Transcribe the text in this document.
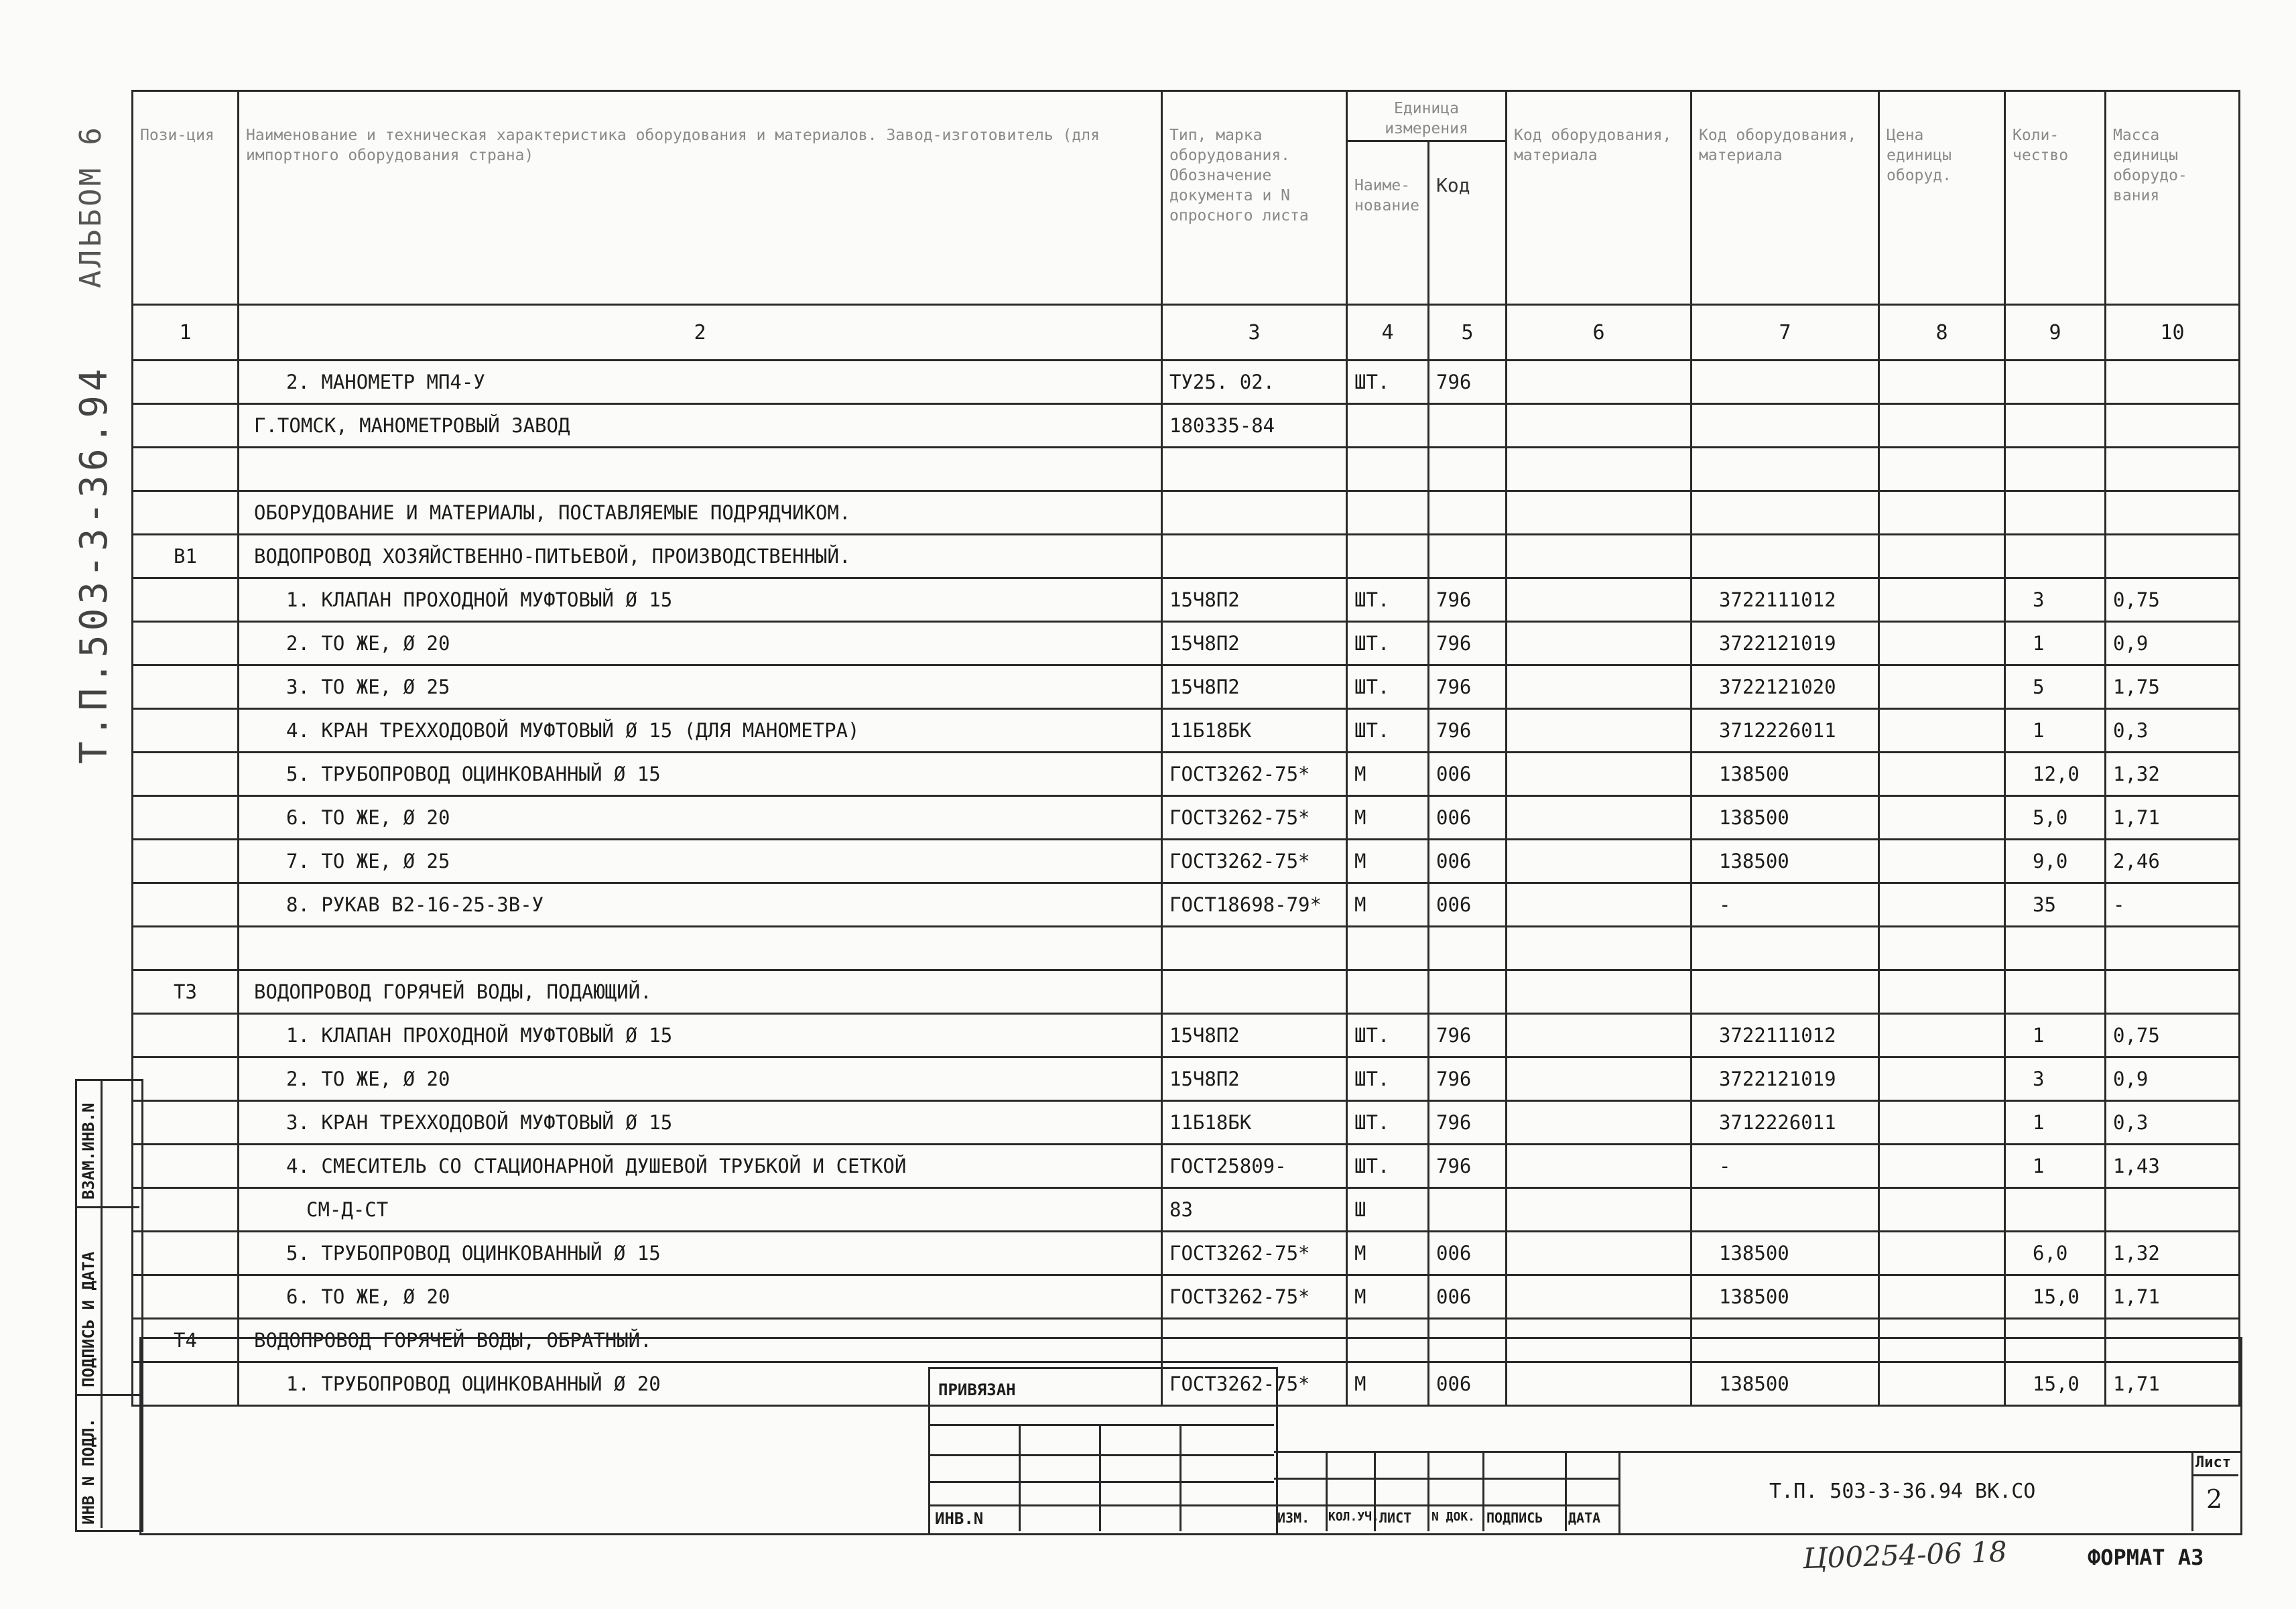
АЛЬБОМ 6
Т.П.503-3-36.94
ИНВ N ПОДЛ.
ПОДПИСЬ И ДАТА
ВЗАМ.ИНВ.N
Пози-ция	Наименование и техническая характеристика оборудования и материалов. Завод-изготовитель (для импортного оборудования страна)	Тип, марка оборудования. Обозначение документа и N опросного листа	Единица измерения		Код оборудования, материала	Код оборудования, материала	Цена единицы оборуд.	Коли-чество	Масса единицы оборудо-вания
			Наиме-нование	Код					
1	2	3	4	5	6	7	8	9	10
	2. МАНОМЕТР МП4-У	ТУ25. 02.	ШТ.	796					
	Г.ТОМСК, МАНОМЕТРОВЫЙ ЗАВОД	180335-84							

	ОБОРУДОВАНИЕ И МАТЕРИАЛЫ, ПОСТАВЛЯЕМЫЕ ПОДРЯДЧИКОМ.								
В1	ВОДОПРОВОД ХОЗЯЙСТВЕННО-ПИТЬЕВОЙ, ПРОИЗВОДСТВЕННЫЙ.								
	1. КЛАПАН ПРОХОДНОЙ МУФТОВЫЙ Ø 15	15Ч8П2	ШТ.	796		3722111012		3	0,75
	2. ТО ЖЕ, Ø 20	15Ч8П2	ШТ.	796		3722121019		1	0,9
	3. ТО ЖЕ, Ø 25	15Ч8П2	ШТ.	796		3722121020		5	1,75
	4. КРАН ТРЕХХОДОВОЙ МУФТОВЫЙ Ø 15 (ДЛЯ МАНОМЕТРА)	11Б18БК	ШТ.	796		3712226011		1	0,3
	5. ТРУБОПРОВОД ОЦИНКОВАННЫЙ Ø 15	ГОСТ3262-75*	М	006		138500		12,0	1,32
	6. ТО ЖЕ, Ø 20	ГОСТ3262-75*	М	006		138500		5,0	1,71
	7. ТО ЖЕ, Ø 25	ГОСТ3262-75*	М	006		138500		9,0	2,46
	8. РУКАВ В2-16-25-ЗВ-У	ГОСТ18698-79*	М	006		-		35	-

Т3	ВОДОПРОВОД ГОРЯЧЕЙ ВОДЫ, ПОДАЮЩИЙ.								
	1. КЛАПАН ПРОХОДНОЙ МУФТОВЫЙ Ø 15	15Ч8П2	ШТ.	796		3722111012		1	0,75
	2. ТО ЖЕ, Ø 20	15Ч8П2	ШТ.	796		3722121019		3	0,9
	3. КРАН ТРЕХХОДОВОЙ МУФТОВЫЙ Ø 15	11Б18БК	ШТ.	796		3712226011		1	0,3
	4. СМЕСИТЕЛЬ СО СТАЦИОНАРНОЙ ДУШЕВОЙ ТРУБКОЙ И СЕТКОЙ	ГОСТ25809-	ШТ.	796		-		1	1,43
	СМ-Д-СТ	83	Ш						
	5. ТРУБОПРОВОД ОЦИНКОВАННЫЙ Ø 15	ГОСТ3262-75*	М	006		138500		6,0	1,32
	6. ТО ЖЕ, Ø 20	ГОСТ3262-75*	М	006		138500		15,0	1,71
Т4	ВОДОПРОВОД ГОРЯЧЕЙ ВОДЫ, ОБРАТНЫЙ.								
	1. ТРУБОПРОВОД ОЦИНКОВАННЫЙ Ø 20	ГОСТ3262-75*	М	006		138500		15,0	1,71
ПРИВЯЗАН
ИНВ.N	ИЗМ. КОЛ.УЧ. ЛИСТ N ДОК. ПОДПИСЬ ДАТА
Т.П. 503-3-36.94 ВК.СО
Лист
2
Ц00254-06 18	ФОРМАТ А3
